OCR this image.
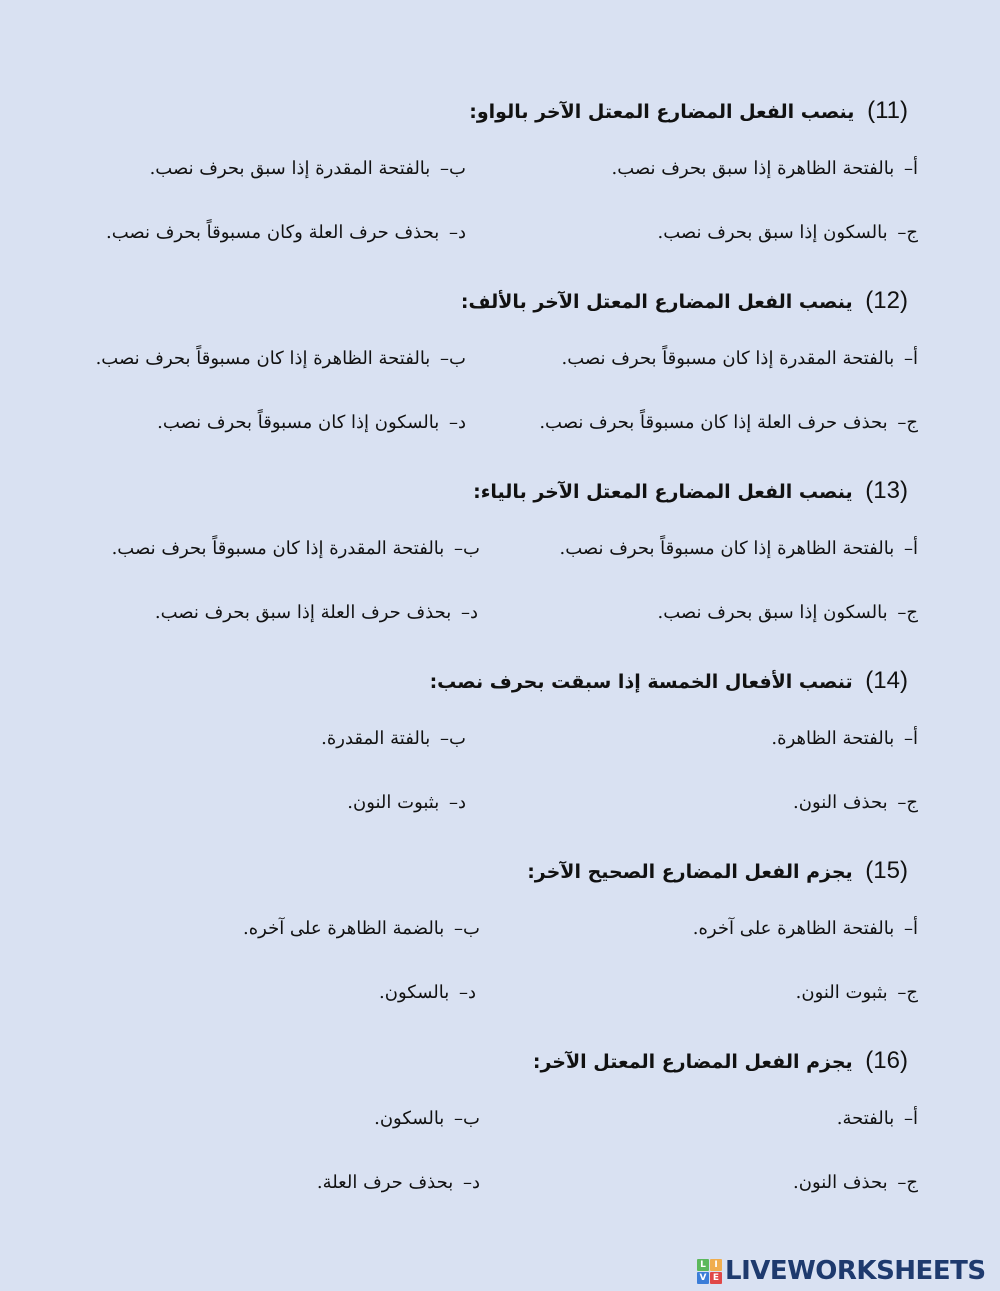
(11) ينصب الفعل المضارع المعتل الآخر بالواو:
أ– بالفتحة الظاهرة إذا سبق بحرف نصب.
ب– بالفتحة المقدرة إذا سبق بحرف نصب.
ج– بالسكون إذا سبق بحرف نصب.
د– بحذف حرف العلة وكان مسبوقاً بحرف نصب.
(12) ينصب الفعل المضارع المعتل الآخر بالألف:
أ– بالفتحة المقدرة إذا كان مسبوقاً بحرف نصب.
ب– بالفتحة الظاهرة إذا كان مسبوقاً بحرف نصب.
ج– بحذف حرف العلة إذا كان مسبوقاً بحرف نصب.
د– بالسكون إذا كان مسبوقاً بحرف نصب.
(13) ينصب الفعل المضارع المعتل الآخر بالياء:
أ– بالفتحة الظاهرة إذا كان مسبوقاً بحرف نصب.
ب– بالفتحة المقدرة إذا كان مسبوقاً بحرف نصب.
ج– بالسكون إذا سبق بحرف نصب.
د– بحذف حرف العلة إذا سبق بحرف نصب.
(14) تنصب الأفعال الخمسة إذا سبقت بحرف نصب:
أ– بالفتحة الظاهرة.
ب– بالفتة المقدرة.
ج– بحذف النون.
د– بثبوت النون.
(15) يجزم الفعل المضارع الصحيح الآخر:
أ– بالفتحة الظاهرة على آخره.
ب– بالضمة الظاهرة على آخره.
ج– بثبوت النون.
د– بالسكون.
(16) يجزم الفعل المضارع المعتل الآخر:
أ– بالفتحة.
ب– بالسكون.
ج– بحذف النون.
د– بحذف حرف العلة.
L I
V E LIVEWORKSHEETS
